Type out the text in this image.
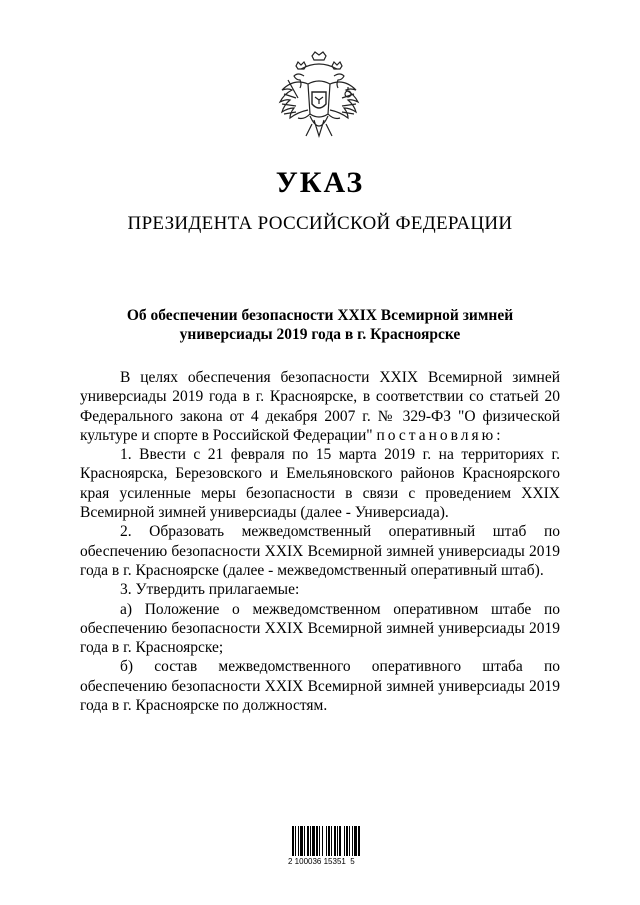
УКАЗ
ПРЕЗИДЕНТА РОССИЙСКОЙ ФЕДЕРАЦИИ
Об обеспечении безопасности XXIX Всемирной зимней
универсиады 2019 года в г. Красноярске

В целях обеспечения безопасности XXIX Всемирной зимней универсиады 2019 года в г. Красноярске, в соответствии со статьей 20 Федерального закона от 4 декабря 2007 г. № 329-ФЗ "О физической культуре и спорте в Российской Федерации" постановляю:

1. Ввести с 21 февраля по 15 марта 2019 г. на территориях г. Красноярска, Березовского и Емельяновского районов Красноярского края усиленные меры безопасности в связи с проведением XXIX Всемирной зимней универсиады (далее - Универсиада).

2. Образовать межведомственный оперативный штаб по обеспечению безопасности XXIX Всемирной зимней универсиады 2019 года в г. Красноярске (далее - межведомственный оперативный штаб).

3. Утвердить прилагаемые:

а) Положение о межведомственном оперативном штабе по обеспечению безопасности XXIX Всемирной зимней универсиады 2019 года в г. Красноярске;

б) состав межведомственного оперативного штаба по обеспечению безопасности XXIX Всемирной зимней универсиады 2019 года в г. Красноярске по должностям.

2 100036 15351  5
